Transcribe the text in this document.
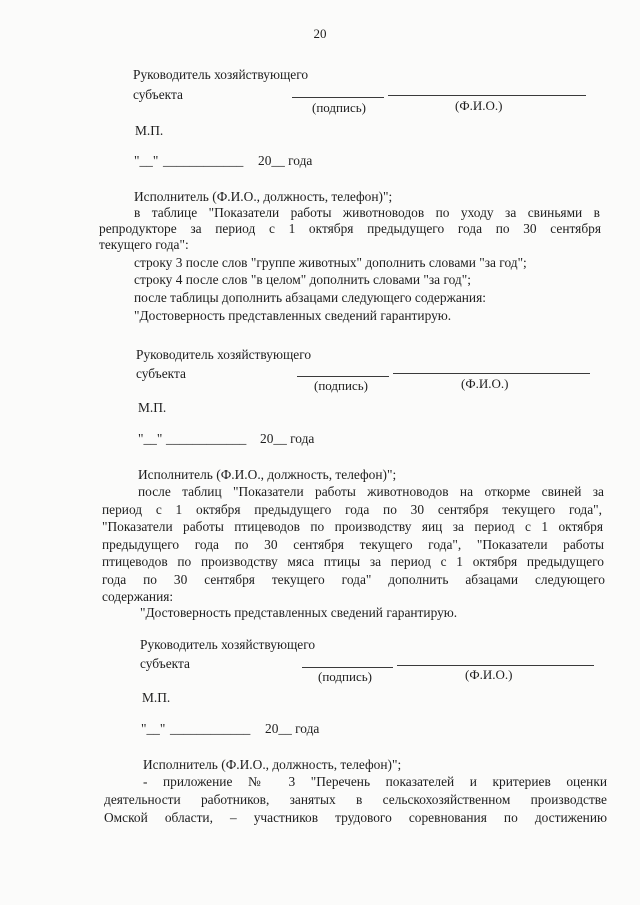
20
Руководитель хозяйствующего
субъекта
(подпись)	(Ф.И.О.)
М.П.
"__" ____________ 20__ года
Исполнитель (Ф.И.О., должность, телефон)";
в таблице "Показатели работы животноводов по уходу за свиньями в
репродукторе за период с 1 октября предыдущего года по 30 сентября
текущего года":
строку 3 после слов "группе животных" дополнить словами "за год";
строку 4 после слов "в целом" дополнить словами "за год";
после таблицы дополнить абзацами следующего содержания:
"Достоверность представленных сведений гарантирую.
Руководитель хозяйствующего
субъекта
(подпись)	(Ф.И.О.)
М.П.
"__" ____________ 20__ года
Исполнитель (Ф.И.О., должность, телефон)";
после таблиц "Показатели работы животноводов на откорме свиней за
период с 1 октября предыдущего года по 30 сентября текущего года",
"Показатели работы птицеводов по производству яиц за период с 1 октября
предыдущего года по 30 сентября текущего года", "Показатели работы
птицеводов по производству мяса птицы за период с 1 октября предыдущего
года по 30 сентября текущего года" дополнить абзацами следующего
содержания:
"Достоверность представленных сведений гарантирую.
Руководитель хозяйствующего
субъекта
(подпись)	(Ф.И.О.)
М.П.
"__" ____________ 20__ года
Исполнитель (Ф.И.О., должность, телефон)";
- приложение № 3 "Перечень показателей и критериев оценки
деятельности работников, занятых в сельскохозяйственном производстве
Омской области, – участников трудового соревнования по достижению
